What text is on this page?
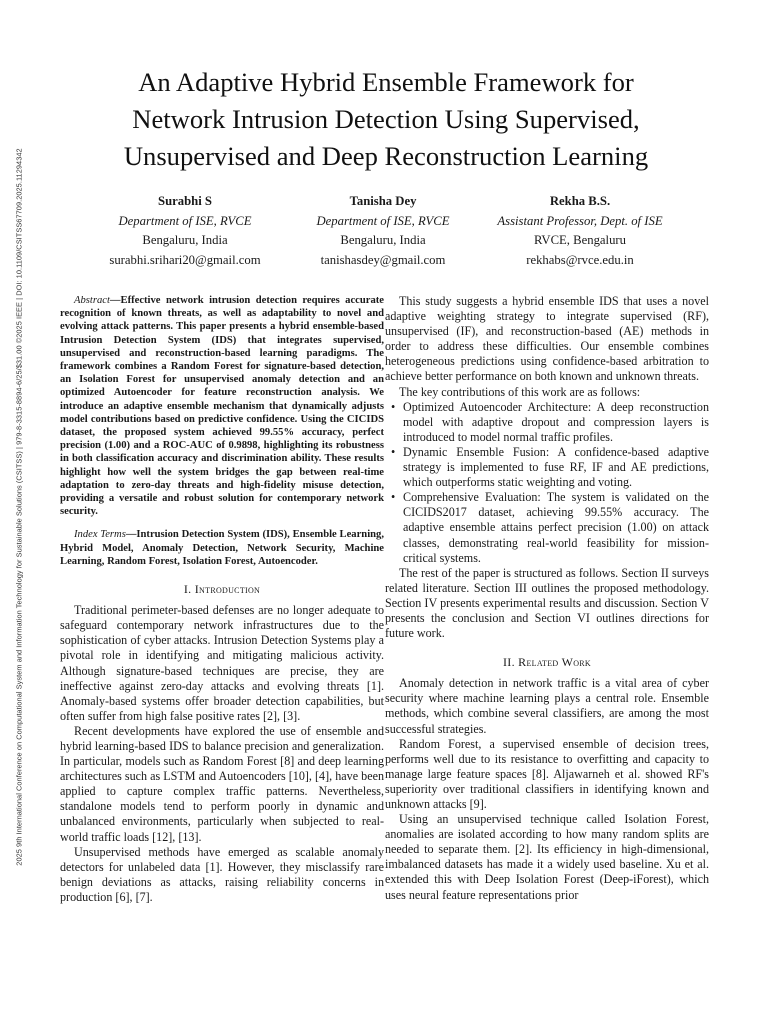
2025 9th International Conference on Computational System and Information Technology for Sustainable Solutions (CSITSS) | 979-8-3315-8894-6/25/$31.00 ©2025 IEEE | DOI: 10.1109/CSITSS67709.2025.11294342
An Adaptive Hybrid Ensemble Framework for
Network Intrusion Detection Using Supervised,
Unsupervised and Deep Reconstruction Learning
Surabhi S
Department of ISE, RVCE
Bengaluru, India
surabhi.srihari20@gmail.com
Tanisha Dey
Department of ISE, RVCE
Bengaluru, India
tanishasdey@gmail.com
Rekha B.S.
Assistant Professor, Dept. of ISE
RVCE, Bengaluru
rekhabs@rvce.edu.in

Abstract—Effective network intrusion detection requires accurate recognition of known threats, as well as adaptability to novel and evolving attack patterns. This paper presents a hybrid ensemble-based Intrusion Detection System (IDS) that integrates supervised, unsupervised and reconstruction-based learning paradigms. The framework combines a Random Forest for signature-based detection, an Isolation Forest for unsupervised anomaly detection and an optimized Autoencoder for feature reconstruction analysis. We introduce an adaptive ensemble mechanism that dynamically adjusts model contributions based on predictive confidence. Using the CICIDS dataset, the proposed system achieved 99.55% accuracy, perfect precision (1.00) and a ROC-AUC of 0.9898, highlighting its robustness in both classification accuracy and discrimination ability. These results highlight how well the system bridges the gap between real-time adaptation to zero-day threats and high-fidelity misuse detection, providing a versatile and robust solution for contemporary network security.

Index Terms—Intrusion Detection System (IDS), Ensemble Learning, Hybrid Model, Anomaly Detection, Network Security, Machine Learning, Random Forest, Isolation Forest, Autoencoder.

I. Introduction

Traditional perimeter-based defenses are no longer adequate to safeguard contemporary network infrastructures due to the sophistication of cyber attacks. Intrusion Detection Systems play a pivotal role in identifying and mitigating malicious activity. Although signature-based techniques are precise, they are ineffective against zero-day attacks and evolving threats [1]. Anomaly-based systems offer broader detection capabilities, but often suffer from high false positive rates [2], [3].

Recent developments have explored the use of ensemble and hybrid learning-based IDS to balance precision and generalization. In particular, models such as Random Forest [8] and deep learning architectures such as LSTM and Autoencoders [10], [4], have been applied to capture complex traffic patterns. Nevertheless, standalone models tend to perform poorly in dynamic and unbalanced environments, particularly when subjected to real-world traffic loads [12], [13].

Unsupervised methods have emerged as scalable anomaly detectors for unlabeled data [1]. However, they misclassify rare benign deviations as attacks, raising reliability concerns in production [6], [7].

This study suggests a hybrid ensemble IDS that uses a novel adaptive weighting strategy to integrate supervised (RF), unsupervised (IF), and reconstruction-based (AE) methods in order to address these difficulties. Our ensemble combines heterogeneous predictions using confidence-based arbitration to achieve better performance on both known and unknown threats.

The key contributions of this work are as follows:

• Optimized Autoencoder Architecture: A deep reconstruction model with adaptive dropout and compression layers is introduced to model normal traffic profiles.
• Dynamic Ensemble Fusion: A confidence-based adaptive strategy is implemented to fuse RF, IF and AE predictions, which outperforms static weighting and voting.
• Comprehensive Evaluation: The system is validated on the CICIDS2017 dataset, achieving 99.55% accuracy. The adaptive ensemble attains perfect precision (1.00) on attack classes, demonstrating real-world feasibility for mission-critical systems.

The rest of the paper is structured as follows. Section II surveys related literature. Section III outlines the proposed methodology. Section IV presents experimental results and discussion. Section V presents the conclusion and Section VI outlines directions for future work.

II. Related Work

Anomaly detection in network traffic is a vital area of cyber security where machine learning plays a central role. Ensemble methods, which combine several classifiers, are among the most successful strategies.

Random Forest, a supervised ensemble of decision trees, performs well due to its resistance to overfitting and capacity to manage large feature spaces [8]. Aljawarneh et al. showed RF's superiority over traditional classifiers in identifying known and unknown attacks [9].

Using an unsupervised technique called Isolation Forest, anomalies are isolated according to how many random splits are needed to separate them. [2]. Its efficiency in high-dimensional, imbalanced datasets has made it a widely used baseline. Xu et al. extended this with Deep Isolation Forest (Deep-iForest), which uses neural feature representations prior
